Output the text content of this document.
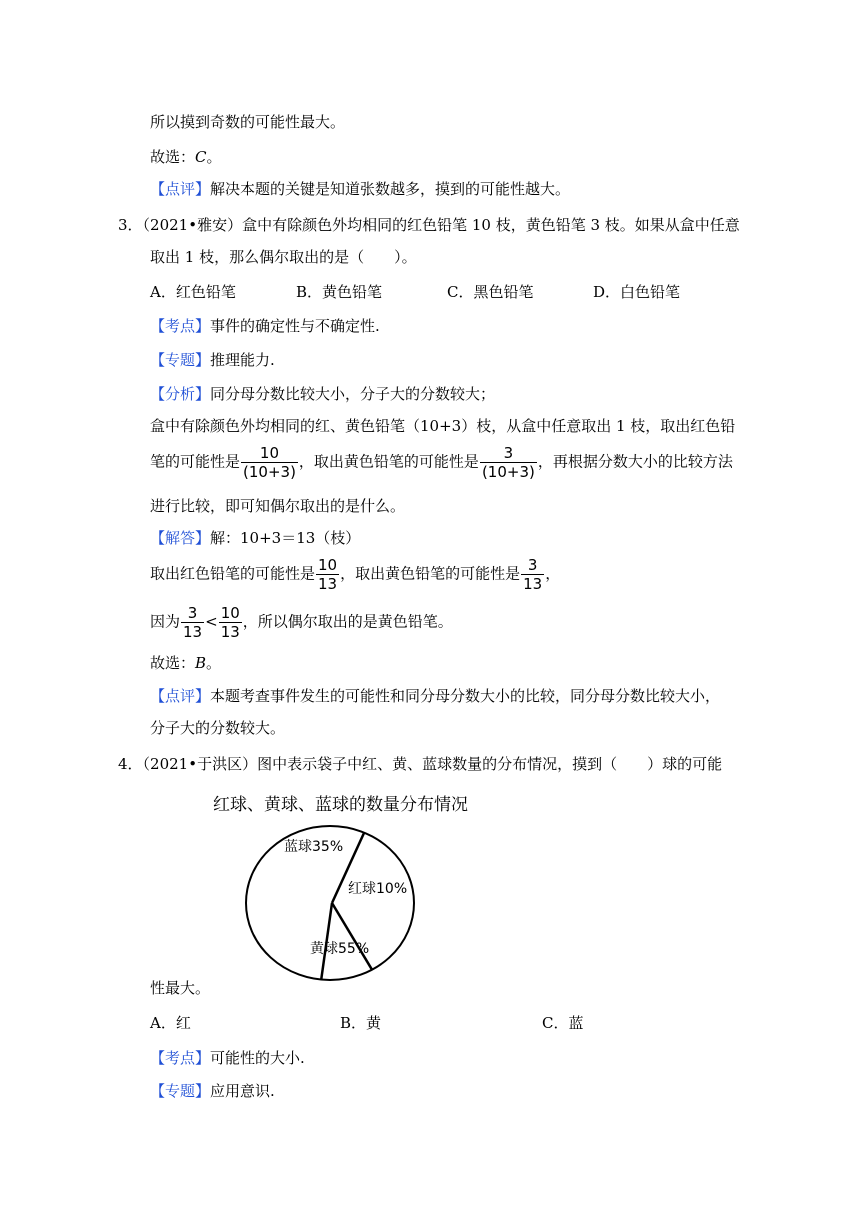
所以摸到奇数的可能性最大。
故选：C。
【点评】解决本题的关键是知道张数越多，摸到的可能性越大。
3．（2021•雅安）盒中有除颜色外均相同的红色铅笔 10 枝，黄色铅笔 3 枝。如果从盒中任意
取出 1 枝，那么偶尔取出的是（　　）。
A．红色铅笔	B．黄色铅笔	C．黑色铅笔	D．白色铅笔
【考点】事件的确定性与不确定性.
【专题】推理能力.
【分析】同分母分数比较大小，分子大的分数较大；
盒中有除颜色外均相同的红、黄色铅笔（10+3）枝，从盒中任意取出 1 枝，取出红色铅
笔的可能性是 $\frac{10}{(10+3)}$ ，取出黄色铅笔的可能性是 $\frac{3}{(10+3)}$ ，再根据分数大小的比较方法
进行比较，即可知偶尔取出的是什么。
【解答】解：10+3＝13（枝）
取出红色铅笔的可能性是 $\frac{10}{13}$ ，取出黄色铅笔的可能性是 $\frac{3}{13}$ ，
因为 $\frac{3}{13} < \frac{10}{13}$ ，所以偶尔取出的是黄色铅笔。
故选：B。
【点评】本题考查事件发生的可能性和同分母分数大小的比较，同分母分数比较大小，
分子大的分数较大。
4．（2021•于洪区）图中表示袋子中红、黄、蓝球数量的分布情况，摸到（　　）球的可能
红球、黄球、蓝球的数量分布情况
蓝球35%
红球10%
黄球55%
性最大。
A．红	B．黄	C．蓝
【考点】可能性的大小.
【专题】应用意识.
